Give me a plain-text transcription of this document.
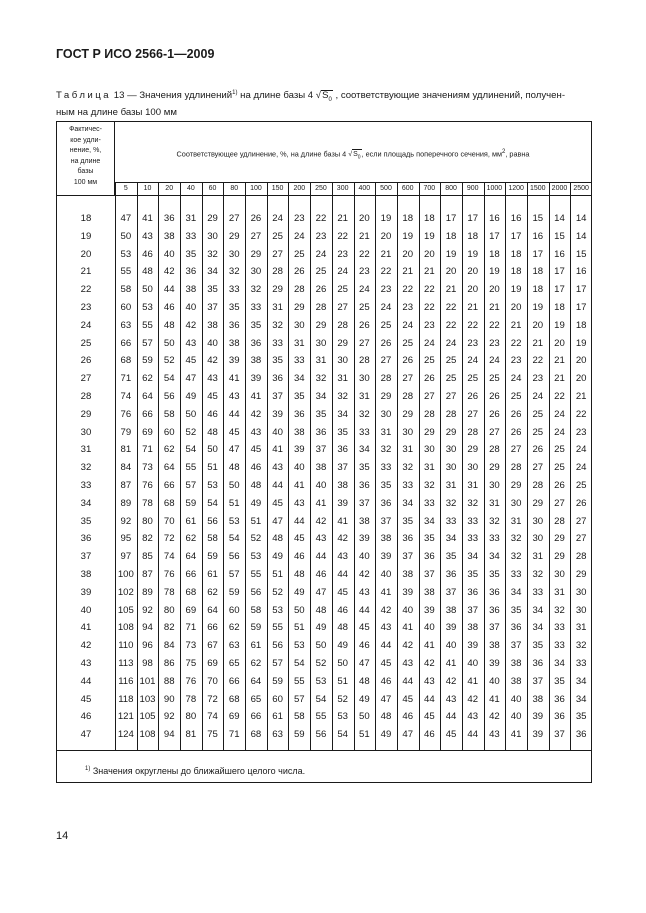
ГОСТ Р ИСО 2566-1—2009
Таблица 13 — Значения удлинений$^{1)}$ на длине базы 4 $√S_0$ , соответствующие значениям удлинений, получен-
ным на длине базы 100 мм
Фактичес-
кое удли-
нение, %,
на длине
базы
100 мм
Соответствующее удлинение, %, на длине базы 4 $√S_0$, если площадь поперечного сечения, $мм^2$, равна
$^{1)}$ Значения округлены до ближайшего целого числа.
5	10	20	40	60	80	100	150	200	250	300	400	500	600	700	800	900	1000 1200 1500 2000 2500
18	47	41	36	31	29	27	26	24	23	22	21	20	19	18	18	17	17	16	16	15	14	14
19	50	43	38	33	30	29	27	25	24	23	22	21	20	19	19	18	18	17	17	16	15	14
20	53	46	40	35	32	30	29	27	25	24	23	22	21	20	20	19	19	18	18	17	16	15
21	55	48	42	36	34	32	30	28	26	25	24	23	22	21	21	20	20	19	18	18	17	16
22	58	50	44	38	35	33	32	29	28	26	25	24	23	22	22	21	20	20	19	18	17	17
23	60	53	46	40	37	35	33	31	29	28	27	25	24	23	22	22	21	21	20	19	18	17
24	63	55	48	42	38	36	35	32	30	29	28	26	25	24	23	22	22	22	21	20	19	18
25	66	57	50	43	40	38	36	33	31	30	29	27	26	25	24	24	23	23	22	21	20	19
26	68	59	52	45	42	39	38	35	33	31	30	28	27	26	25	25	24	24	23	22	21	20
27	71	62	54	47	43	41	39	36	34	32	31	30	28	27	26	25	25	25	24	23	21	20
28	74	64	56	49	45	43	41	37	35	34	32	31	29	28	27	27	26	26	25	24	22	21
29	76	66	58	50	46	44	42	39	36	35	34	32	30	29	28	28	27	26	26	25	24	22
30	79	69	60	52	48	45	43	40	38	36	35	33	31	30	29	29	28	27	26	25	24	23
31	81	71	62	54	50	47	45	41	39	37	36	34	32	31	30	30	29	28	27	26	25	24
32	84	73	64	55	51	48	46	43	40	38	37	35	33	32	31	30	30	29	28	27	25	24
33	87	76	66	57	53	50	48	44	41	40	38	36	35	33	32	31	31	30	29	28	26	25
34	89	78	68	59	54	51	49	45	43	41	39	37	36	34	33	32	32	31	30	29	27	26
35	92	80	70	61	56	53	51	47	44	42	41	38	37	35	34	33	33	32	31	30	28	27
36	95	82	72	62	58	54	52	48	45	43	42	39	38	36	35	34	33	33	32	30	29	27
37	97	85	74	64	59	56	53	49	46	44	43	40	39	37	36	35	34	34	32	31	29	28
38	100 87	76	66	61	57	55	51	48	46	44	42	40	38	37	36	35	35	33	32	30	29
39	102 89	78	68	62	59	56	52	49	47	45	43	41	39	38	37	36	36	34	33	31	30
40	105 92	80	69	64	60	58	53	50	48	46	44	42	40	39	38	37	36	35	34	32	30
41	108 94	82	71	66	62	59	55	51	49	48	45	43	41	40	39	38	37	36	34	33	31
42	110 96	84	73	67	63	61	56	53	50	49	46	44	42	41	40	39	38	37	35	33	32
43	113 98	86	75	69	65	62	57	54	52	50	47	45	43	42	41	40	39	38	36	34	33
44	116 101 88	76	70	66	64	59	55	53	51	48	46	44	43	42	41	40	38	37	35	34
45	118 103 90	78	72	68	65	60	57	54	52	49	47	45	44	43	42	41	40	38	36	34
46	121 105 92	80	74	69	66	61	58	55	53	50	48	46	45	44	43	42	40	39	36	35
47	124 108 94	81	75	71	68	63	59	56	54	51	49	47	46	45	44	43	41	39	37	36
14
